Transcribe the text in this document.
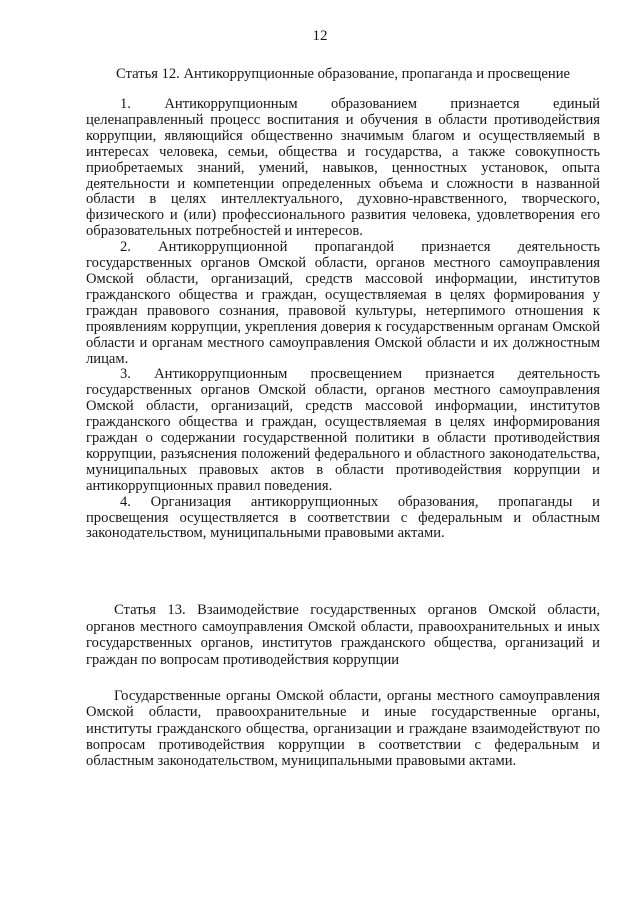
12
Статья 12. Антикоррупционные образование, пропаганда и просвещение

1. Антикоррупционным образованием признается единый целенаправленный процесс воспитания и обучения в области противодействия коррупции, являющийся общественно значимым благом и осуществляемый в интересах человека, семьи, общества и государства, а также совокупность приобретаемых знаний, умений, навыков, ценностных установок, опыта деятельности и компетенции определенных объема и сложности в названной области в целях интеллектуального, духовно-нравственного, творческого, физического и (или) профессионального развития человека, удовлетворения его образовательных потребностей и интересов.

2. Антикоррупционной пропагандой признается деятельность государственных органов Омской области, органов местного самоуправления Омской области, организаций, средств массовой информации, институтов гражданского общества и граждан, осуществляемая в целях формирования у граждан правового сознания, правовой культуры, нетерпимого отношения к проявлениям коррупции, укрепления доверия к государственным органам Омской области и органам местного самоуправления Омской области и их должностным лицам.

3. Антикоррупционным просвещением признается деятельность государственных органов Омской области, органов местного самоуправления Омской области, организаций, средств массовой информации, институтов гражданского общества и граждан, осуществляемая в целях информирования граждан о содержании государственной политики в области противодействия коррупции, разъяснения положений федерального и областного законодательства, муниципальных правовых актов в области противодействия коррупции и антикоррупционных правил поведения.

4. Организация антикоррупционных образования, пропаганды и просвещения осуществляется в соответствии с федеральным и областным законодательством, муниципальными правовыми актами.

Статья 13. Взаимодействие государственных органов Омской области, органов местного самоуправления Омской области, правоохранительных и иных государственных органов, институтов гражданского общества, организаций и граждан по вопросам противодействия коррупции

Государственные органы Омской области, органы местного самоуправления Омской области, правоохранительные и иные государственные органы, институты гражданского общества, организации и граждане взаимодействуют по вопросам противодействия коррупции в соответствии с федеральным и областным законодательством, муниципальными правовыми актами.
